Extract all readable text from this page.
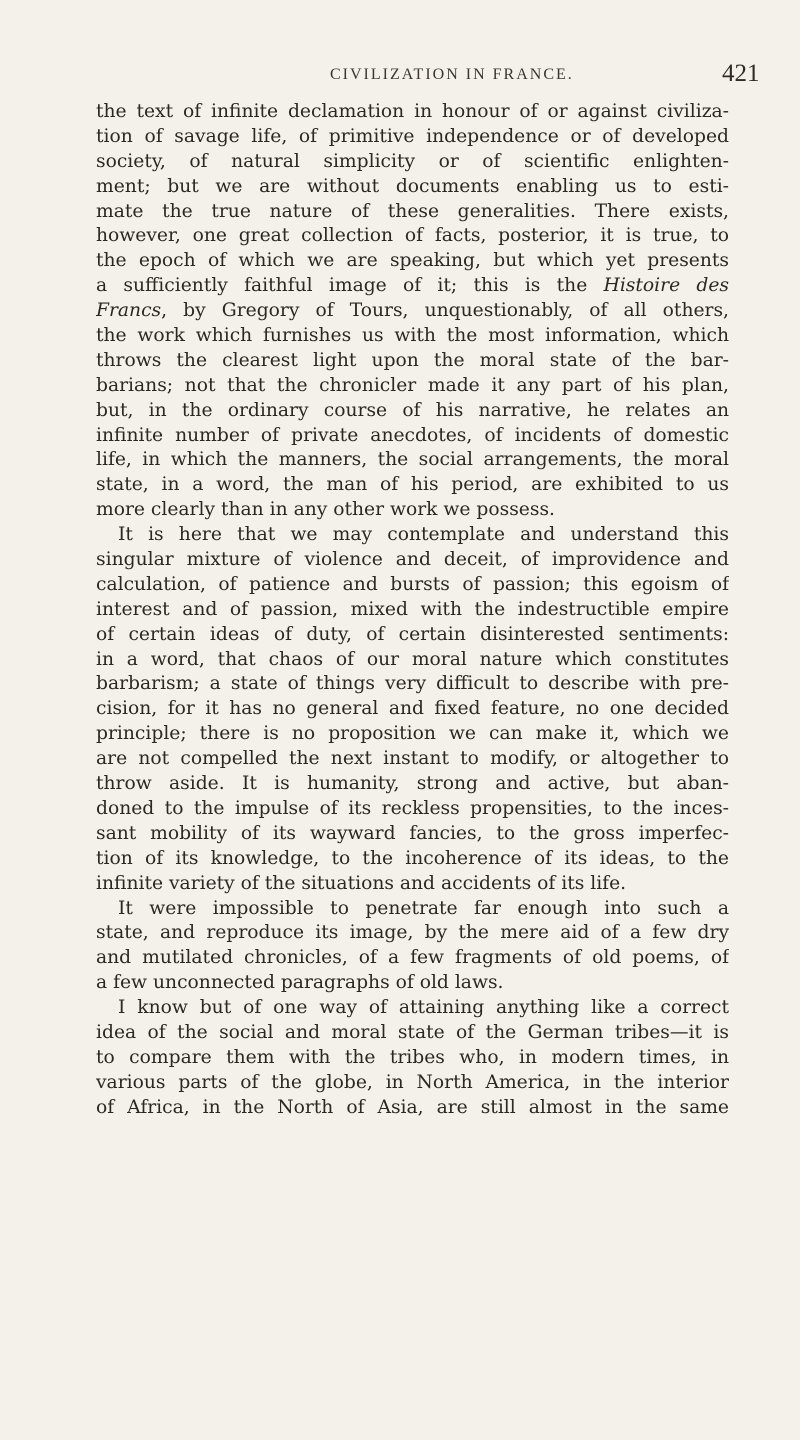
CIVILIZATION IN FRANCE.	421
the text of infinite declamation in honour of or against civiliza-
tion of savage life, of primitive independence or of developed
society, of natural simplicity or of scientific enlighten-
ment; but we are without documents enabling us to esti-
mate the true nature of these generalities. There exists,
however, one great collection of facts, posterior, it is true, to
the epoch of which we are speaking, but which yet presents
a sufficiently faithful image of it; this is the Histoire des
Francs, by Gregory of Tours, unquestionably, of all others,
the work which furnishes us with the most information, which
throws the clearest light upon the moral state of the bar-
barians; not that the chronicler made it any part of his plan,
but, in the ordinary course of his narrative, he relates an
infinite number of private anecdotes, of incidents of domestic
life, in which the manners, the social arrangements, the moral
state, in a word, the man of his period, are exhibited to us
more clearly than in any other work we possess.
It is here that we may contemplate and understand this
singular mixture of violence and deceit, of improvidence and
calculation, of patience and bursts of passion; this egoism of
interest and of passion, mixed with the indestructible empire
of certain ideas of duty, of certain disinterested sentiments:
in a word, that chaos of our moral nature which constitutes
barbarism; a state of things very difficult to describe with pre-
cision, for it has no general and fixed feature, no one decided
principle; there is no proposition we can make it, which we
are not compelled the next instant to modify, or altogether to
throw aside. It is humanity, strong and active, but aban-
doned to the impulse of its reckless propensities, to the inces-
sant mobility of its wayward fancies, to the gross imperfec-
tion of its knowledge, to the incoherence of its ideas, to the
infinite variety of the situations and accidents of its life.
It were impossible to penetrate far enough into such a
state, and reproduce its image, by the mere aid of a few dry
and mutilated chronicles, of a few fragments of old poems, of
a few unconnected paragraphs of old laws.
I know but of one way of attaining anything like a correct
idea of the social and moral state of the German tribes—it is
to compare them with the tribes who, in modern times, in
various parts of the globe, in North America, in the interior
of Africa, in the North of Asia, are still almost in the same
